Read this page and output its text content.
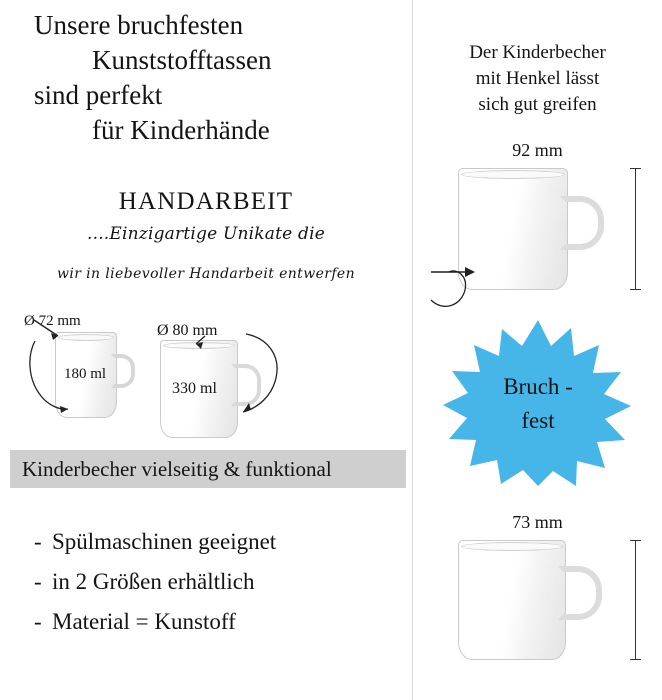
Unsere bruchfesten
Kunststofftassen
sind perfekt
für Kinderhände
HANDARBEIT
....Einzigartige Unikate die
wir in liebevoller Handarbeit entwerfen
Ø 72 mm
Ø 80 mm
180 ml
330 ml
Kinderbecher vielseitig & funktional
- Spülmaschinen geeignet
- in 2 Größen erhältlich
- Material = Kunstoff
Der Kinderbecher
mit Henkel lässt
sich gut greifen
92 mm
Bruch -
fest
73 mm
